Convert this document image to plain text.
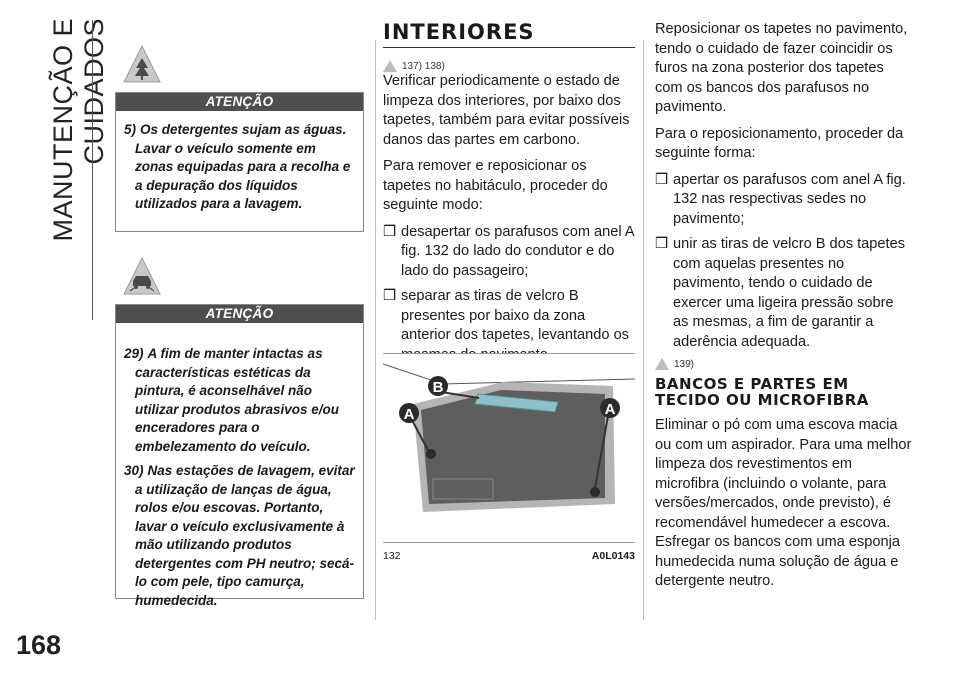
MANUTENÇÃO E CUIDADOS
168
ATENÇÃO

5) Os detergentes sujam as águas. Lavar o veículo somente em zonas equipadas para a recolha e a depuração dos líquidos utilizados para a lavagem.

ATENÇÃO

29) A fim de manter intactas as características estéticas da pintura, é aconselhável não utilizar produtos abrasivos e/ou enceradores para o embelezamento do veículo.

30) Nas estações de lavagem, evitar a utilização de lanças de água, rolos e/ou escovas. Portanto, lavar o veículo exclusivamente à mão utilizando produtos detergentes com PH neutro; secá-lo com pele, tipo camurça, humedecida.

INTERIORES
137) 138)

Verificar periodicamente o estado de limpeza dos interiores, por baixo dos tapetes, também para evitar possíveis danos das partes em carbono.

Para remover e reposicionar os tapetes no habitáculo, proceder do seguinte modo:

❒ desapertar os parafusos com anel A fig. 132 do lado do condutor e do lado do passageiro;

❒ separar as tiras de velcro B presentes por baixo da zona anterior dos tapetes, levantando os

A
B
A
132	A0L0143

Reposicionar os tapetes no pavimento, tendo o cuidado de fazer coincidir os furos na zona posterior dos tapetes com os bancos dos parafusos no pavimento.

Para o reposicionamento, proceder da seguinte forma:

❒ apertar os parafusos com anel A fig. 132 nas respectivas sedes no pavimento;

❒ unir as tiras de velcro B dos tapetes com aquelas presentes no pavimento, tendo o cuidado de exercer uma ligeira pressão sobre as mesmas, a fim de garantir a aderência adequada.

139)
BANCOS E PARTES EM TECIDO OU MICROFIBRA

Eliminar o pó com uma escova macia ou com um aspirador. Para uma melhor limpeza dos revestimentos em microfibra (incluindo o volante, para versões/mercados, onde previsto), é recomendável humedecer a escova. Esfregar os bancos com uma esponja humedecida numa solução de água e detergente neutro.
